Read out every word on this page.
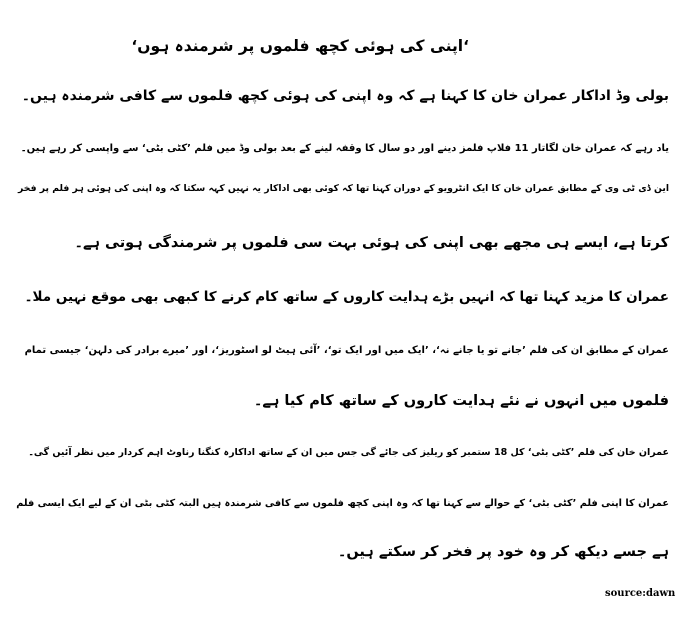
‘اپنی کی ہوئی کچھ فلموں پر شرمندہ ہوں‘
بولی وڈ اداکار عمران خان کا کہنا ہے کہ وہ اپنی کی ہوئی کچھ فلموں سے کافی شرمندہ ہیں۔
یاد رہے کہ عمران خان لگاتار 11 فلاپ فلمز دینے اور دو سال کا وقفہ لینے کے بعد بولی وڈ میں فلم ’کٹی بٹی‘ سے واپسی کر رہے ہیں۔
این ڈی ٹی وی کے مطابق عمران خان کا ایک انٹرویو کے دوران کہنا تھا کہ کوئی بھی اداکار یہ نہیں کہہ سکتا کہ وہ اپنی کی ہوئی ہر فلم پر فخر
کرتا ہے، ایسے ہی مجھے بھی اپنی کی ہوئی بہت سی فلموں پر شرمندگی ہوتی ہے۔
عمران کا مزید کہنا تھا کہ انہیں بڑے ہدایت کاروں کے ساتھ کام کرنے کا کبھی بھی موقع نہیں ملا۔
عمران کے مطابق ان کی فلم ’جانے تو یا جانے نہ‘، ’ایک میں اور ایک تو‘، ’آئی ہیٹ لو اسٹوریز‘، اور ’میرے برادر کی دلہن‘ جیسی تمام
فلموں میں انہوں نے نئے ہدایت کاروں کے ساتھ کام کیا ہے۔
عمران خان کی فلم ’کٹی بٹی‘ کل 18 ستمبر کو ریلیز کی جائے گی جس میں ان کے ساتھ اداکارہ کنگنا رناوٹ اہم کردار میں نظر آئیں گی۔
عمران کا اپنی فلم ’کٹی بٹی‘ کے حوالے سے کہنا تھا کہ وہ اپنی کچھ فلموں سے کافی شرمندہ ہیں البتہ کٹی بٹی ان کے لیے ایک ایسی فلم
ہے جسے دیکھ کر وہ خود پر فخر کر سکتے ہیں۔
source:dawn
